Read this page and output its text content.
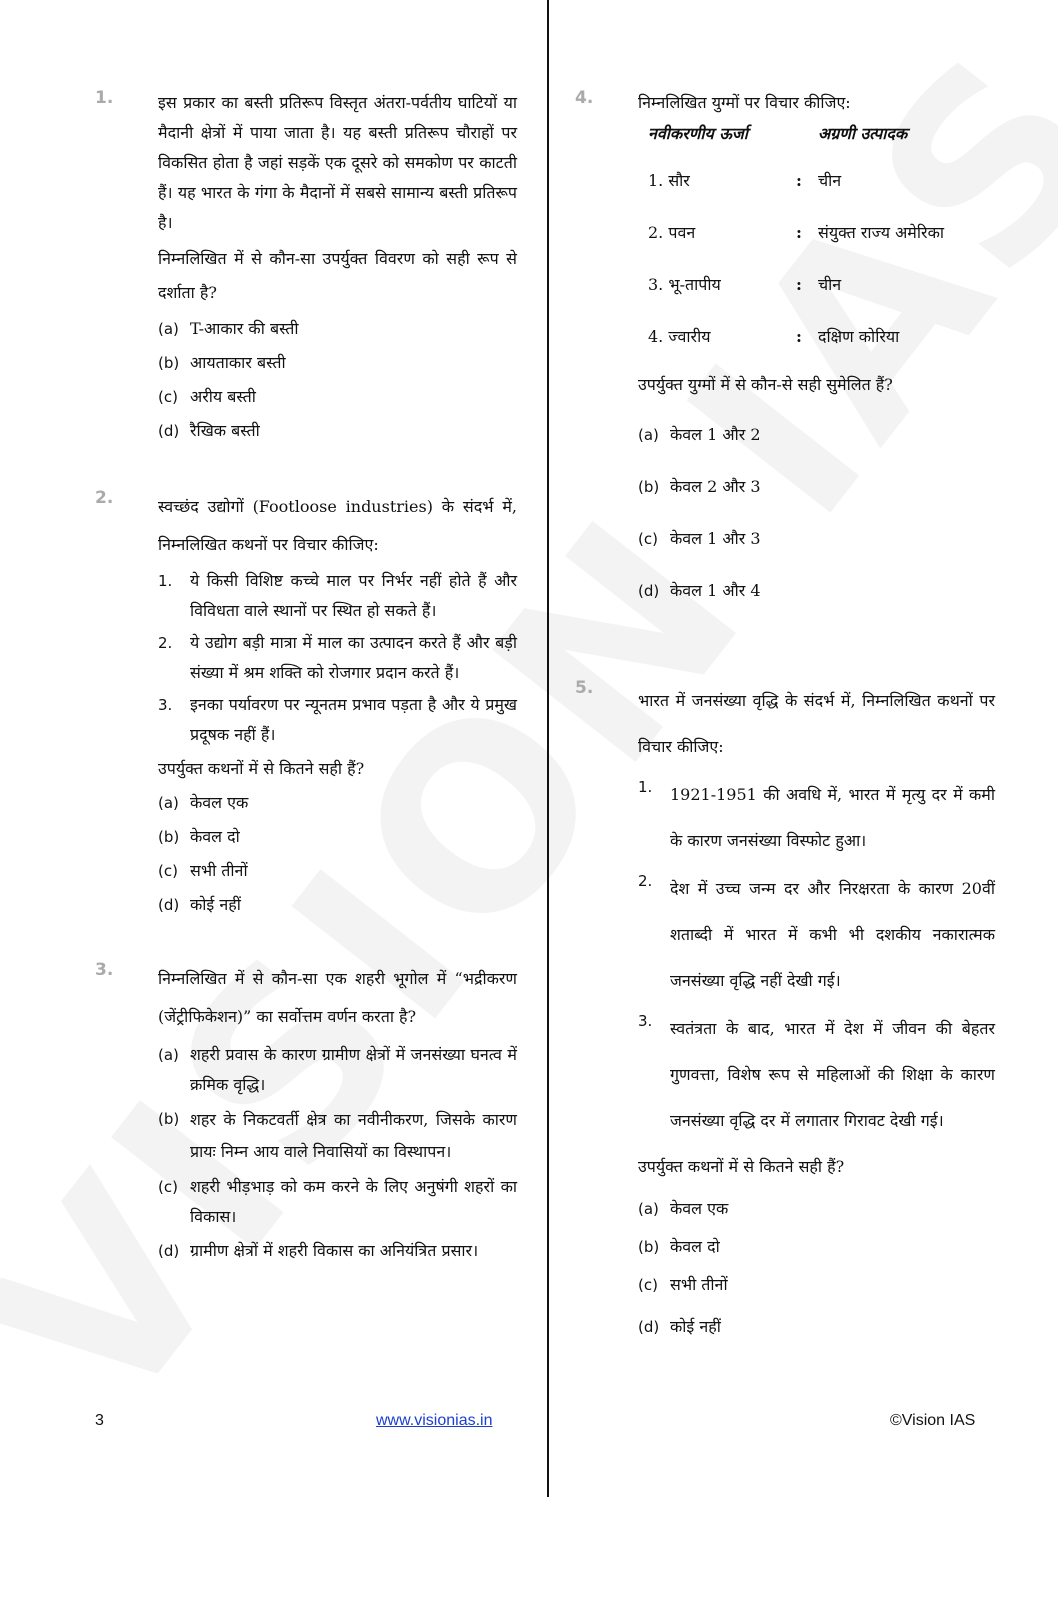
1.	इस प्रकार का बस्ती प्रतिरूप विस्तृत अंतरा-पर्वतीय घाटियों या मैदानी क्षेत्रों में पाया जाता है। यह बस्ती प्रतिरूप चौराहों पर विकसित होता है जहां सड़कें एक दूसरे को समकोण पर काटती हैं। यह भारत के गंगा के मैदानों में सबसे सामान्य बस्ती प्रतिरूप है।
निम्नलिखित में से कौन-सा उपर्युक्त विवरण को सही रूप से दर्शाता है?
(a) T-आकार की बस्ती
(b) आयताकार बस्ती
(c) अरीय बस्ती
(d) रैखिक बस्ती
2.	स्वच्छंद उद्योगों (Footloose industries) के संदर्भ में, निम्नलिखित कथनों पर विचार कीजिए:
1.	ये किसी विशिष्ट कच्चे माल पर निर्भर नहीं होते हैं और विविधता वाले स्थानों पर स्थित हो सकते हैं।
2.	ये उद्योग बड़ी मात्रा में माल का उत्पादन करते हैं और बड़ी संख्या में श्रम शक्ति को रोजगार प्रदान करते हैं।
3.	इनका पर्यावरण पर न्यूनतम प्रभाव पड़ता है और ये प्रमुख प्रदूषक नहीं हैं।
उपर्युक्त कथनों में से कितने सही हैं?
(a) केवल एक
(b) केवल दो
(c) सभी तीनों
(d) कोई नहीं
3.	निम्नलिखित में से कौन-सा एक शहरी भूगोल में “भद्रीकरण (जेंट्रीफिकेशन)” का सर्वोत्तम वर्णन करता है?
(a) शहरी प्रवास के कारण ग्रामीण क्षेत्रों में जनसंख्या घनत्व में क्रमिक वृद्धि।
(b) शहर के निकटवर्ती क्षेत्र का नवीनीकरण, जिसके कारण प्रायः निम्न आय वाले निवासियों का विस्थापन।
(c) शहरी भीड़भाड़ को कम करने के लिए अनुषंगी शहरों का विकास।
(d) ग्रामीण क्षेत्रों में शहरी विकास का अनियंत्रित प्रसार।
4.	निम्नलिखित युग्मों पर विचार कीजिए:
नवीकरणीय ऊर्जा	अग्रणी उत्पादक
1. सौर	:	चीन
2. पवन	:	संयुक्त राज्य अमेरिका
3. भू-तापीय	:	चीन
4. ज्वारीय	:	दक्षिण कोरिया
उपर्युक्त युग्मों में से कौन-से सही सुमेलित हैं?
(a) केवल 1 और 2
(b) केवल 2 और 3
(c) केवल 1 और 3
(d) केवल 1 और 4
5.
भारत में जनसंख्या वृद्धि के संदर्भ में, निम्नलिखित कथनों पर विचार कीजिए:
1.	1921-1951 की अवधि में, भारत में मृत्यु दर में कमी के कारण जनसंख्या विस्फोट हुआ।
2.	देश में उच्च जन्म दर और निरक्षरता के कारण 20वीं शताब्दी में भारत में कभी भी दशकीय नकारात्मक जनसंख्या वृद्धि नहीं देखी गई।
3.	स्वतंत्रता के बाद, भारत में देश में जीवन की बेहतर गुणवत्ता, विशेष रूप से महिलाओं की शिक्षा के कारण जनसंख्या वृद्धि दर में लगातार गिरावट देखी गई।
उपर्युक्त कथनों में से कितने सही हैं?
(a) केवल एक
(b) केवल दो
(c) सभी तीनों
(d) कोई नहीं
3	www.visionias.in	©Vision IAS
